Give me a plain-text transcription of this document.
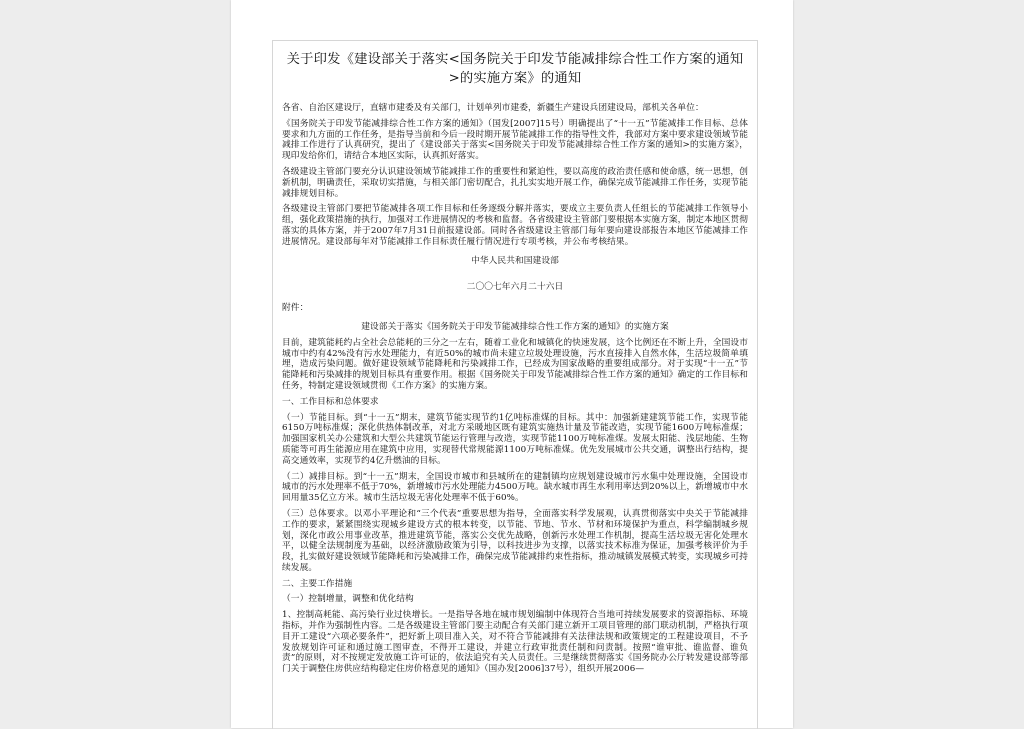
关于印发《建设部关于落实<国务院关于印发节能减排综合性工作方案的通知>的实施方案》的通知

各省、自治区建设厅，直辖市建委及有关部门，计划单列市建委，新疆生产建设兵团建设局，部机关各单位：

《国务院关于印发节能减排综合性工作方案的通知》（国发[2007]15号）明确提出了“十一五”节能减排工作目标、总体要求和九方面的工作任务，是指导当前和今后一段时期开展节能减排工作的指导性文件，我部对方案中要求建设领域节能减排工作进行了认真研究，提出了《建设部关于落实<国务院关于印发节能减排综合性工作方案的通知>的实施方案》，现印发给你们，请结合本地区实际，认真抓好落实。

各级建设主管部门要充分认识建设领域节能减排工作的重要性和紧迫性，要以高度的政治责任感和使命感，统一思想，创新机制，明确责任，采取切实措施，与相关部门密切配合，扎扎实实地开展工作，确保完成节能减排工作任务，实现节能减排规划目标。

各级建设主管部门要把节能减排各项工作目标和任务逐级分解并落实，要成立主要负责人任组长的节能减排工作领导小组，强化政策措施的执行，加强对工作进展情况的考核和监督。各省级建设主管部门要根据本实施方案，制定本地区贯彻落实的具体方案，并于2007年7月31日前报建设部。同时各省级建设主管部门每年要向建设部报告本地区节能减排工作进展情况。建设部每年对节能减排工作目标责任履行情况进行专项考核，并公布考核结果。

中华人民共和国建设部

二〇〇七年六月二十六日

附件：

建设部关于落实《国务院关于印发节能减排综合性工作方案的通知》的实施方案

目前，建筑能耗约占全社会总能耗的三分之一左右，随着工业化和城镇化的快速发展，这个比例还在不断上升，全国设市城市中约有42%没有污水处理能力，有近50%的城市尚未建立垃圾处理设施，污水直接排入自然水体，生活垃圾简单填埋，造成污染问题。做好建设领域节能降耗和污染减排工作，已经成为国家战略的重要组成部分。对于实现“十一五”节能降耗和污染减排的规划目标具有重要作用。根据《国务院关于印发节能减排综合性工作方案的通知》确定的工作目标和任务，特制定建设领域贯彻《工作方案》的实施方案。

一、工作目标和总体要求

（一）节能目标。到“十一五”期末，建筑节能实现节约1亿吨标准煤的目标。其中：加强新建建筑节能工作，实现节能6150万吨标准煤；深化供热体制改革，对北方采暖地区既有建筑实施热计量及节能改造，实现节能1600万吨标准煤；加强国家机关办公建筑和大型公共建筑节能运行管理与改造，实现节能1100万吨标准煤。发展太阳能、浅层地能、生物质能等可再生能源应用在建筑中应用，实现替代常规能源1100万吨标准煤。优先发展城市公共交通，调整出行结构，提高交通效率，实现节约4亿升燃油的目标。

（二）减排目标。到“十一五”期末，全国设市城市和县城所在的建制镇均应规划建设城市污水集中处理设施，全国设市城市的污水处理率不低于70%，新增城市污水处理能力4500万吨。缺水城市再生水利用率达到20%以上，新增城市中水回用量35亿立方米。城市生活垃圾无害化处理率不低于60%。

（三）总体要求。以邓小平理论和“三个代表”重要思想为指导，全面落实科学发展观，认真贯彻落实中央关于节能减排工作的要求，紧紧围绕实现城乡建设方式的根本转变，以节能、节地、节水、节材和环境保护为重点，科学编制城乡规划，深化市政公用事业改革，推进建筑节能，落实公交优先战略，创新污水处理工作机制，提高生活垃圾无害化处理水平，以健全法规制度为基础，以经济激励政策为引导，以科技进步为支撑，以落实技术标准为保证，加强考核评价为手段，扎实做好建设领域节能降耗和污染减排工作，确保完成节能减排约束性指标，推动城镇发展模式转变，实现城乡可持续发展。

二、主要工作措施

（一）控制增量，调整和优化结构

1、控制高耗能、高污染行业过快增长。一是指导各地在城市规划编制中体现符合当地可持续发展要求的资源指标、环境指标，并作为强制性内容。二是各级建设主管部门要主动配合有关部门建立新开工项目管理的部门联动机制，严格执行项目开工建设“六项必要条件”，把好新上项目准入关，对不符合节能减排有关法律法规和政策规定的工程建设项目，不予发放规划许可证和通过施工图审查，不得开工建设，并建立行政审批责任制和问责制。按照“谁审批、谁监督、谁负责”的原则，对不按规定发放施工许可证的，依法追究有关人员责任。三是继续贯彻落实《国务院办公厅转发建设部等部门关于调整住房供应结构稳定住房价格意见的通知》（国办发[2006]37号），组织开展2006—
